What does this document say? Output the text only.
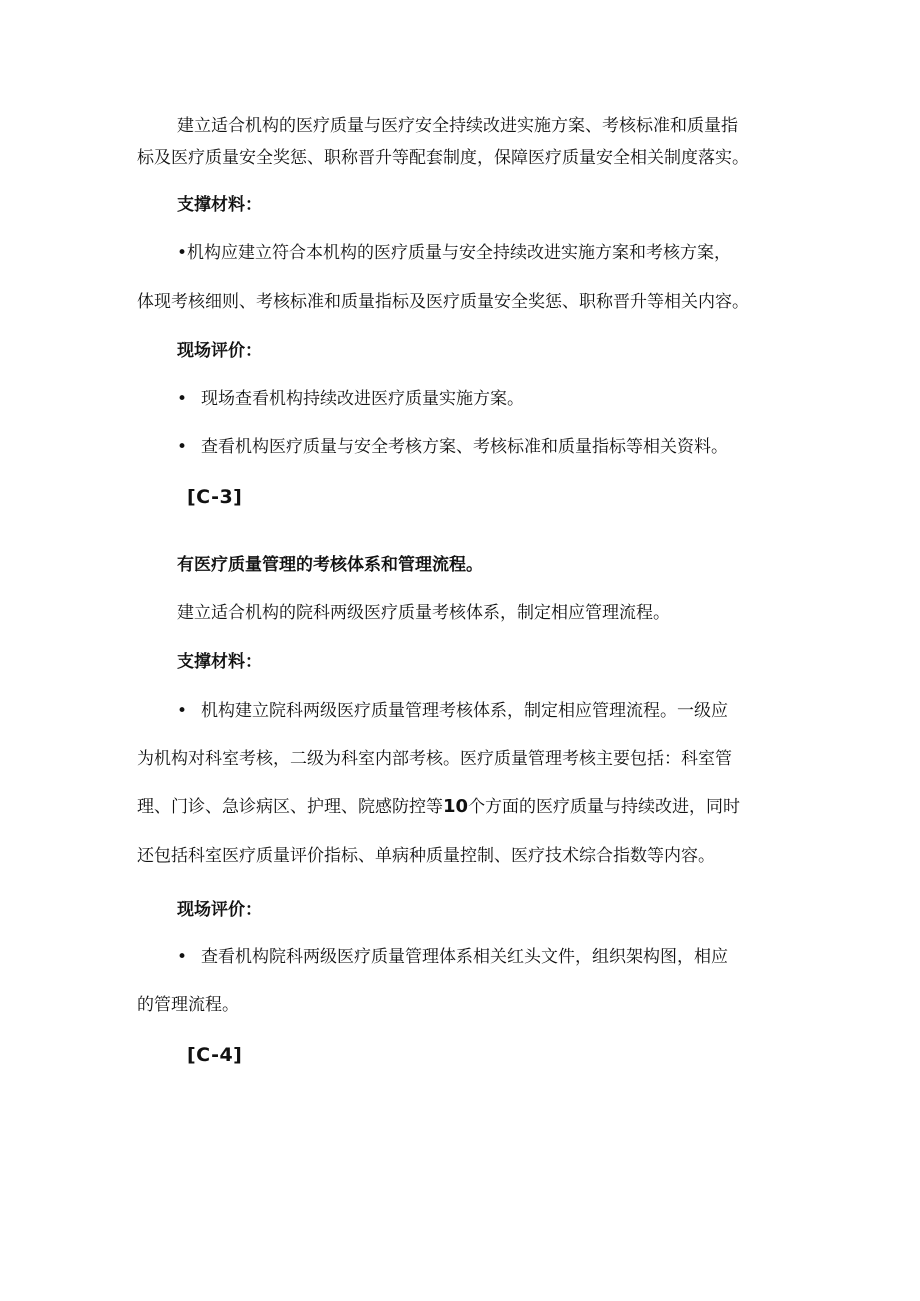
建立适合机构的医疗质量与医疗安全持续改进实施方案、考核标准和质量指

标及医疗质量安全奖惩、职称晋升等配套制度，保障医疗质量安全相关制度落实。

支撑材料：

•机构应建立符合本机构的医疗质量与安全持续改进实施方案和考核方案，

体现考核细则、考核标准和质量指标及医疗质量安全奖惩、职称晋升等相关内容。

现场评价：

• 现场查看机构持续改进医疗质量实施方案。

• 查看机构医疗质量与安全考核方案、考核标准和质量指标等相关资料。

[C-3]

有医疗质量管理的考核体系和管理流程。

建立适合机构的院科两级医疗质量考核体系，制定相应管理流程。

支撑材料：

• 机构建立院科两级医疗质量管理考核体系，制定相应管理流程。一级应

为机构对科室考核，二级为科室内部考核。医疗质量管理考核主要包括：科室管

理、门诊、急诊病区、护理、院感防控等10个方面的医疗质量与持续改进，同时

还包括科室医疗质量评价指标、单病种质量控制、医疗技术综合指数等内容。

现场评价：

• 查看机构院科两级医疗质量管理体系相关红头文件，组织架构图，相应

的管理流程。

[C-4]
